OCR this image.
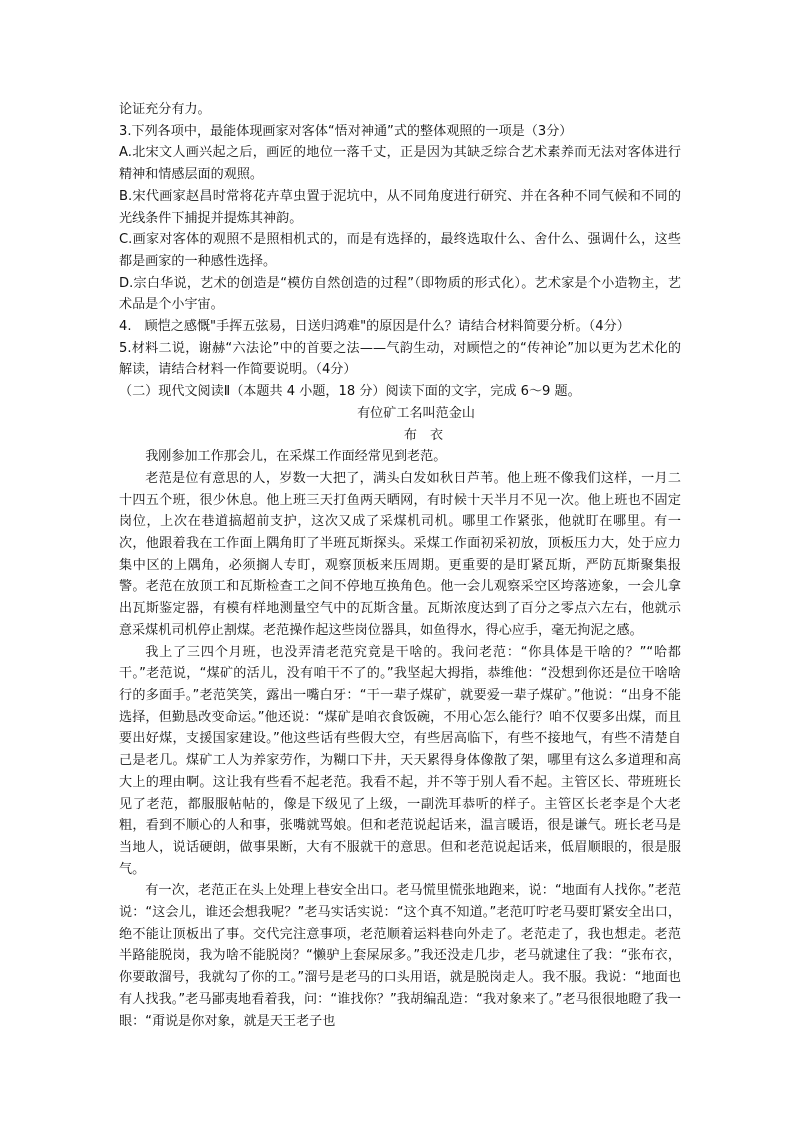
论证充分有力。

3.下列各项中，最能体现画家对客体“悟对神通”式的整体观照的一项是（3分）

A.北宋文人画兴起之后，画匠的地位一落千丈，正是因为其缺乏综合艺术素养而无法对客体进行精神和情感层面的观照。

B.宋代画家赵昌时常将花卉草虫置于泥坑中，从不同角度进行研究、并在各种不同气候和不同的光线条件下捕捉并提炼其神韵。

C.画家对客体的观照不是照相机式的，而是有选择的，最终选取什么、舍什么、强调什么，这些都是画家的一种感性选择。

D.宗白华说，艺术的创造是“模仿自然创造的过程”（即物质的形式化）。艺术家是个小造物主，艺术品是个小宇宙。

4.　顾恺之感慨"手挥五弦易，日送归鸿难"的原因是什么？请结合材料简要分析。（4分）

5.材料二说，谢赫“六法论”中的首要之法——气韵生动，对顾恺之的“传神论”加以更为艺术化的解读，请结合材料一作简要说明。（4分）

（二）现代文阅读Ⅱ（本题共 4 小题，18 分）阅读下面的文字，完成 6～9 题。

有位矿工名叫范金山

布　衣

我刚参加工作那会儿，在采煤工作面经常见到老范。

老范是位有意思的人，岁数一大把了，满头白发如秋日芦苇。他上班不像我们这样，一月二十四五个班，很少休息。他上班三天打鱼两天晒网，有时候十天半月不见一次。他上班也不固定岗位，上次在巷道搞超前支护，这次又成了采煤机司机。哪里工作紧张，他就盯在哪里。有一次，他跟着我在工作面上隅角盯了半班瓦斯探头。采煤工作面初采初放，顶板压力大，处于应力集中区的上隅角，必须搁人专盯，观察顶板来压周期。更重要的是盯紧瓦斯，严防瓦斯聚集报警。老范在放顶工和瓦斯检查工之间不停地互换角色。他一会儿观察采空区垮落迹象，一会儿拿出瓦斯鉴定器，有模有样地测量空气中的瓦斯含量。瓦斯浓度达到了百分之零点六左右，他就示意采煤机司机停止割煤。老范操作起这些岗位器具，如鱼得水，得心应手，毫无拘泥之感。

我上了三四个月班，也没弄清老范究竟是干啥的。我问老范：“你具体是干啥的？”“哈都干。”老范说，“煤矿的活儿，没有咱干不了的。”我坚起大拇指，恭维他：“没想到你还是位干啥啥行的多面手。”老范笑笑，露出一嘴白牙：“干一辈子煤矿，就要爱一辈子煤矿。”他说：“出身不能选择，但勤恳改变命运。”他还说：“煤矿是咱衣食饭碗，不用心怎么能行？咱不仅要多出煤，而且要出好煤，支援国家建设。”他这些话有些假大空，有些居高临下，有些不接地气，有些不清楚自己是老几。煤矿工人为养家劳作，为糊口下井，天天累得身体像散了架，哪里有这么多道理和高大上的理由啊。这让我有些看不起老范。我看不起，并不等于别人看不起。主管区长、带班班长见了老范，都服服帖帖的，像是下级见了上级，一副洗耳恭听的样子。主管区长老李是个大老粗，看到不顺心的人和事，张嘴就骂娘。但和老范说起话来，温言暖语，很是谦气。班长老马是当地人，说话硬朗，做事果断，大有不服就干的意思。但和老范说起话来，低眉顺眼的，很是服气。

有一次，老范正在头上处理上巷安全出口。老马慌里慌张地跑来，说：“地面有人找你。”老范说：“这会儿，谁还会想我呢？”老马实话实说：“这个真不知道。”老范叮咛老马要盯紧安全出口，绝不能让顶板出了事。交代完注意事项，老范顺着运料巷向外走了。老范走了，我也想走。老范半路能脱岗，我为啥不能脱岗？“懒驴上套屎尿多。”我还没走几步，老马就逮住了我：“张布衣，你要敢溜号，我就勾了你的工。”溜号是老马的口头用语，就是脱岗走人。我不服。我说：“地面也有人找我。”老马鄙夷地看着我，问：“谁找你？”我胡编乱造：“我对象来了。”老马很很地瞪了我一眼：“甭说是你对象，就是天王老子也
